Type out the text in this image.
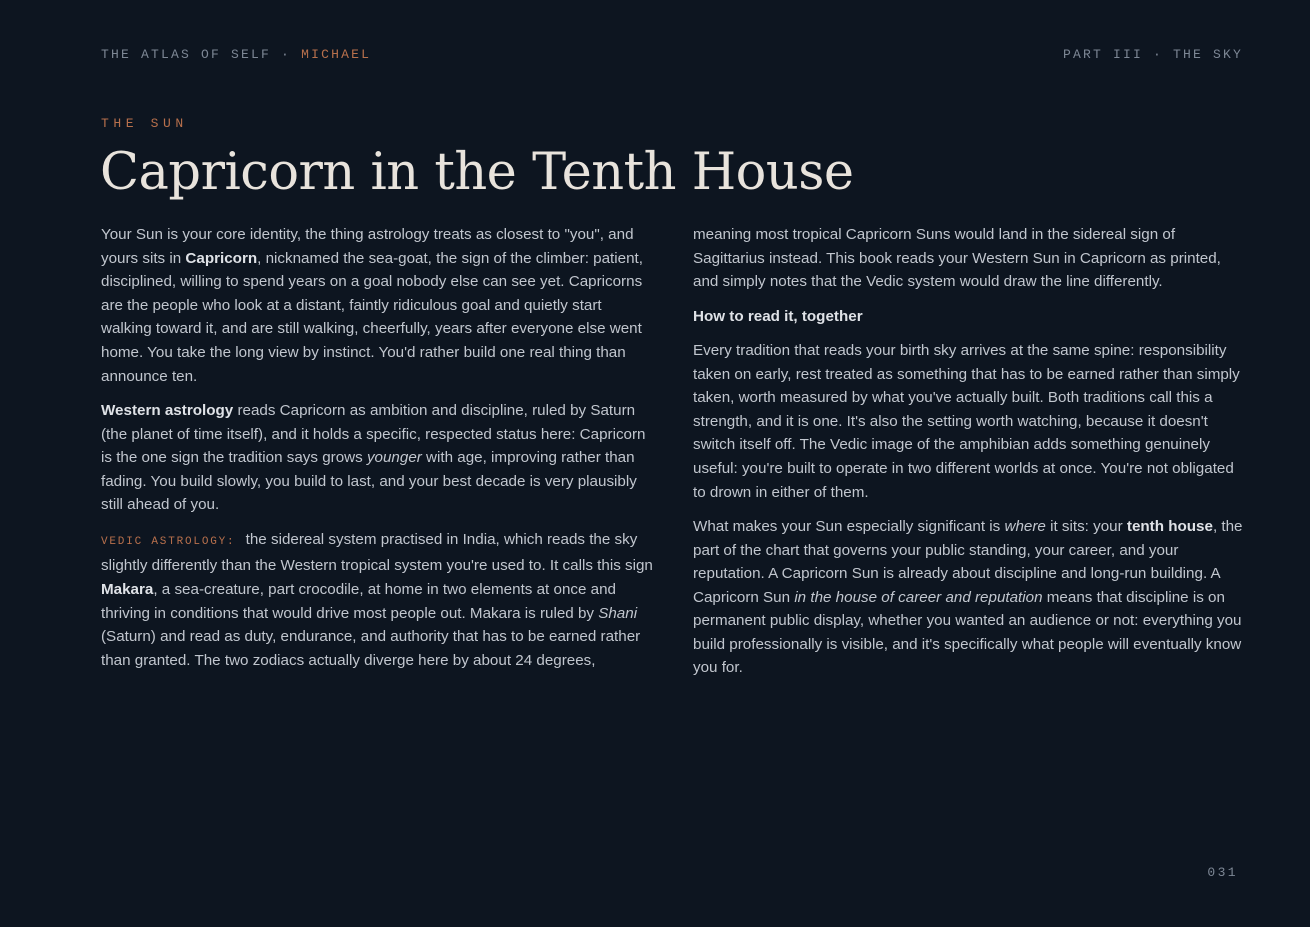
THE ATLAS OF SELF · MICHAEL	PART III · THE SKY
THE SUN
Capricorn in the Tenth House

Your Sun is your core identity, the thing astrology treats as closest to "you", and yours sits in Capricorn, nicknamed the sea-goat, the sign of the climber: patient, disciplined, willing to spend years on a goal nobody else can see yet. Capricorns are the people who look at a distant, faintly ridiculous goal and quietly start walking toward it, and are still walking, cheerfully, years after everyone else went home. You take the long view by instinct. You'd rather build one real thing than announce ten.

Western astrology reads Capricorn as ambition and discipline, ruled by Saturn (the planet of time itself), and it holds a specific, respected status here: Capricorn is the one sign the tradition says grows younger with age, improving rather than fading. You build slowly, you build to last, and your best decade is very plausibly still ahead of you.

VEDIC ASTROLOGY: the sidereal system practised in India, which reads the sky slightly differently than the Western tropical system you're used to. It calls this sign Makara, a sea-creature, part crocodile, at home in two elements at once and thriving in conditions that would drive most people out. Makara is ruled by Shani (Saturn) and read as duty, endurance, and authority that has to be earned rather than granted. The two zodiacs actually diverge here by about 24 degrees,

meaning most tropical Capricorn Suns would land in the sidereal sign of Sagittarius instead. This book reads your Western Sun in Capricorn as printed, and simply notes that the Vedic system would draw the line differently.

How to read it, together

Every tradition that reads your birth sky arrives at the same spine: responsibility taken on early, rest treated as something that has to be earned rather than simply taken, worth measured by what you've actually built. Both traditions call this a strength, and it is one. It's also the setting worth watching, because it doesn't switch itself off. The Vedic image of the amphibian adds something genuinely useful: you're built to operate in two different worlds at once. You're not obligated to drown in either of them.

What makes your Sun especially significant is where it sits: your tenth house, the part of the chart that governs your public standing, your career, and your reputation. A Capricorn Sun is already about discipline and long-run building. A Capricorn Sun in the house of career and reputation means that discipline is on permanent public display, whether you wanted an audience or not: everything you build professionally is visible, and it's specifically what people will eventually know you for.

031
